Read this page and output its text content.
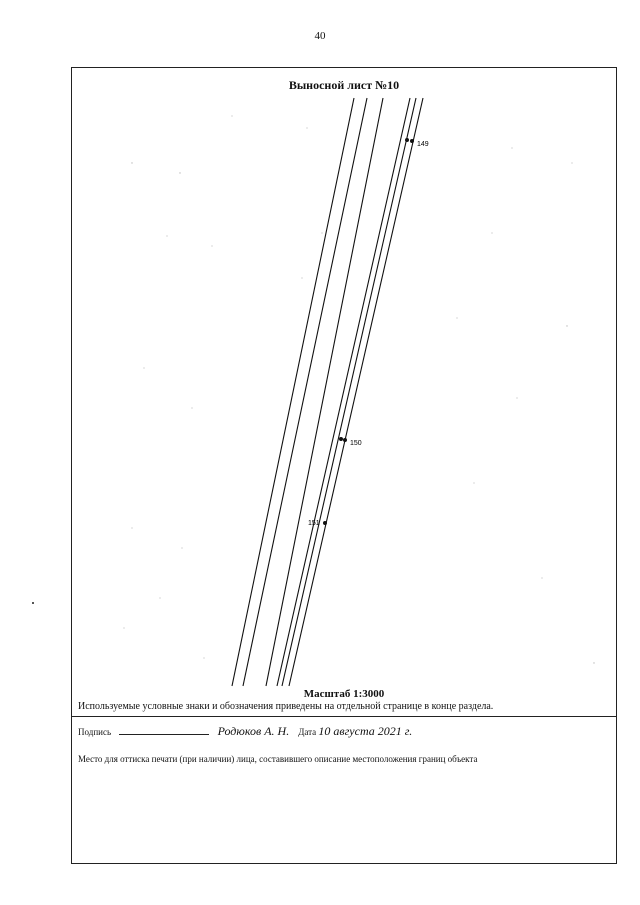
40
149
150
151
Выносной лист №10
Масштаб 1:3000
Используемые условные знаки и обозначения приведены на отдельной странице в конце раздела.
Подпись	Родюков А. Н. Дата 10 августа 2021 г.
Место для оттиска печати (при наличии) лица, составившего описание местоположения границ объекта
